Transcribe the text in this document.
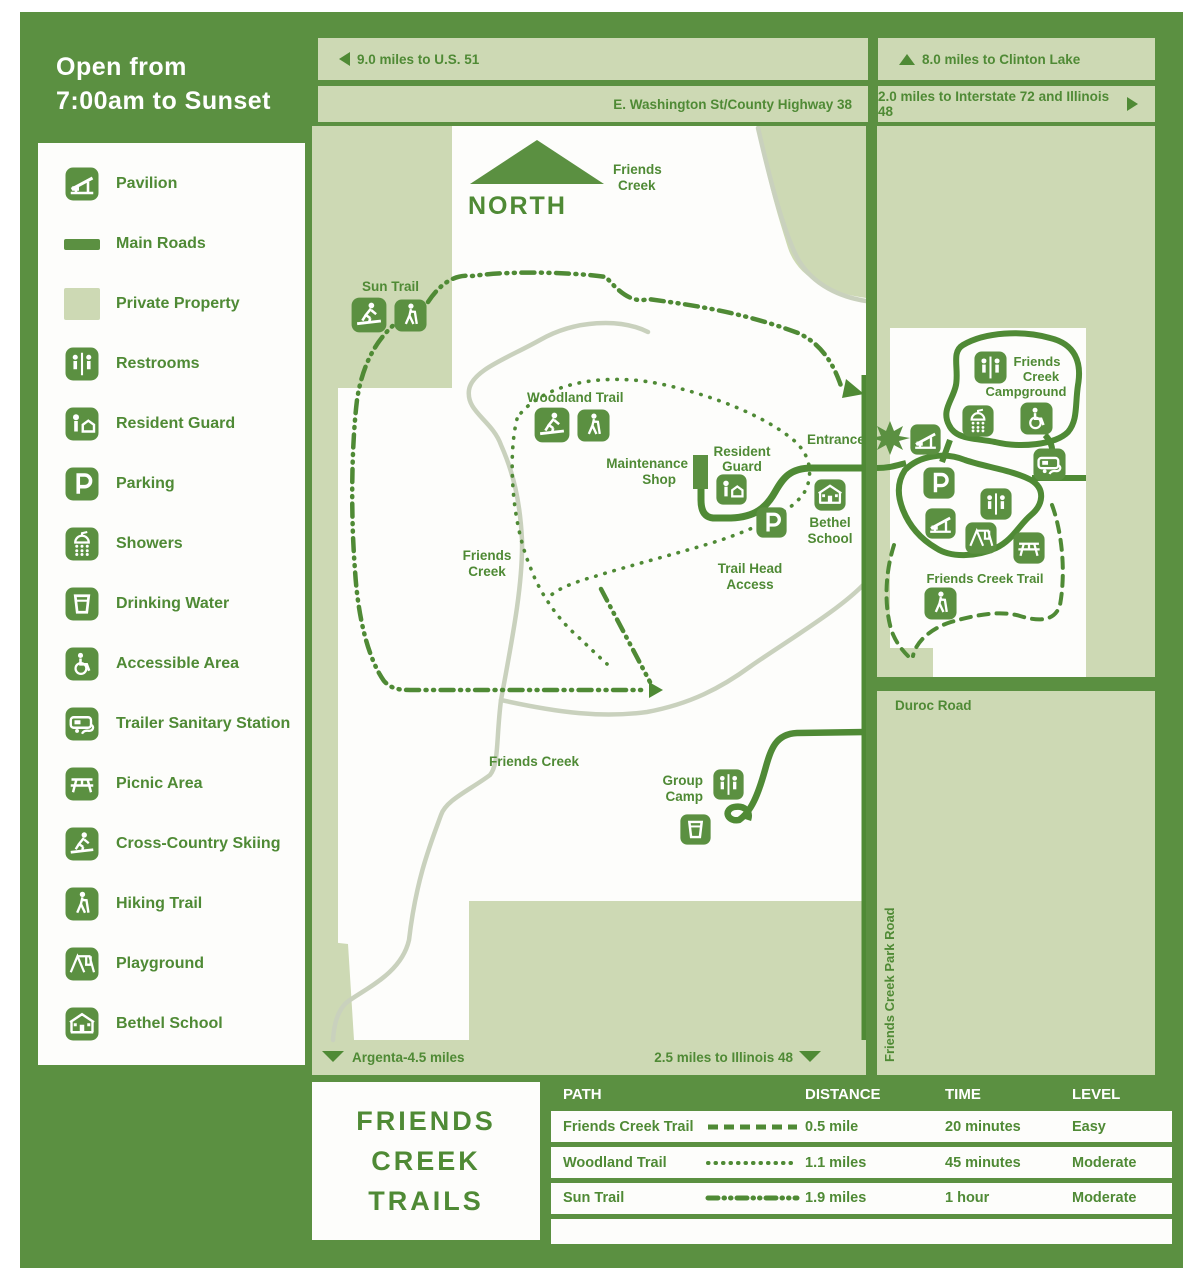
Open from
7:00am to Sunset
Pavilion
Main Roads
Private Property
Restrooms
Resident Guard
Parking
Showers
Drinking Water
Accessible Area
Trailer Sanitary Station
Picnic Area
Cross-Country Skiing
Hiking Trail
Playground
Bethel School
9.0 miles to U.S. 51
E. Washington St/County Highway 38
8.0 miles to Clinton Lake
2.0 miles to Interstate 72 and Illinois 48
NORTH
Friends
Creek
Sun Trail
Woodland Trail
Maintenance
Shop
Resident
Guard
Entrance
Bethel
School
Trail Head
Access
Friends
Creek
Friends Creek
Group
Camp
Argenta-4.5 miles	2.5 miles to Illinois 48
Friends
Creek
Campground
Friends Creek Trail
Duroc Road
Friends Creek Park Road
FRIENDS
CREEK
TRAILS
PATH	DISTANCE	TIME	LEVEL
Friends Creek Trail	0.5 mile	20 minutes	Easy
Woodland Trail	1.1 miles	45 minutes	Moderate
Sun Trail	1.9 miles	1 hour	Moderate
